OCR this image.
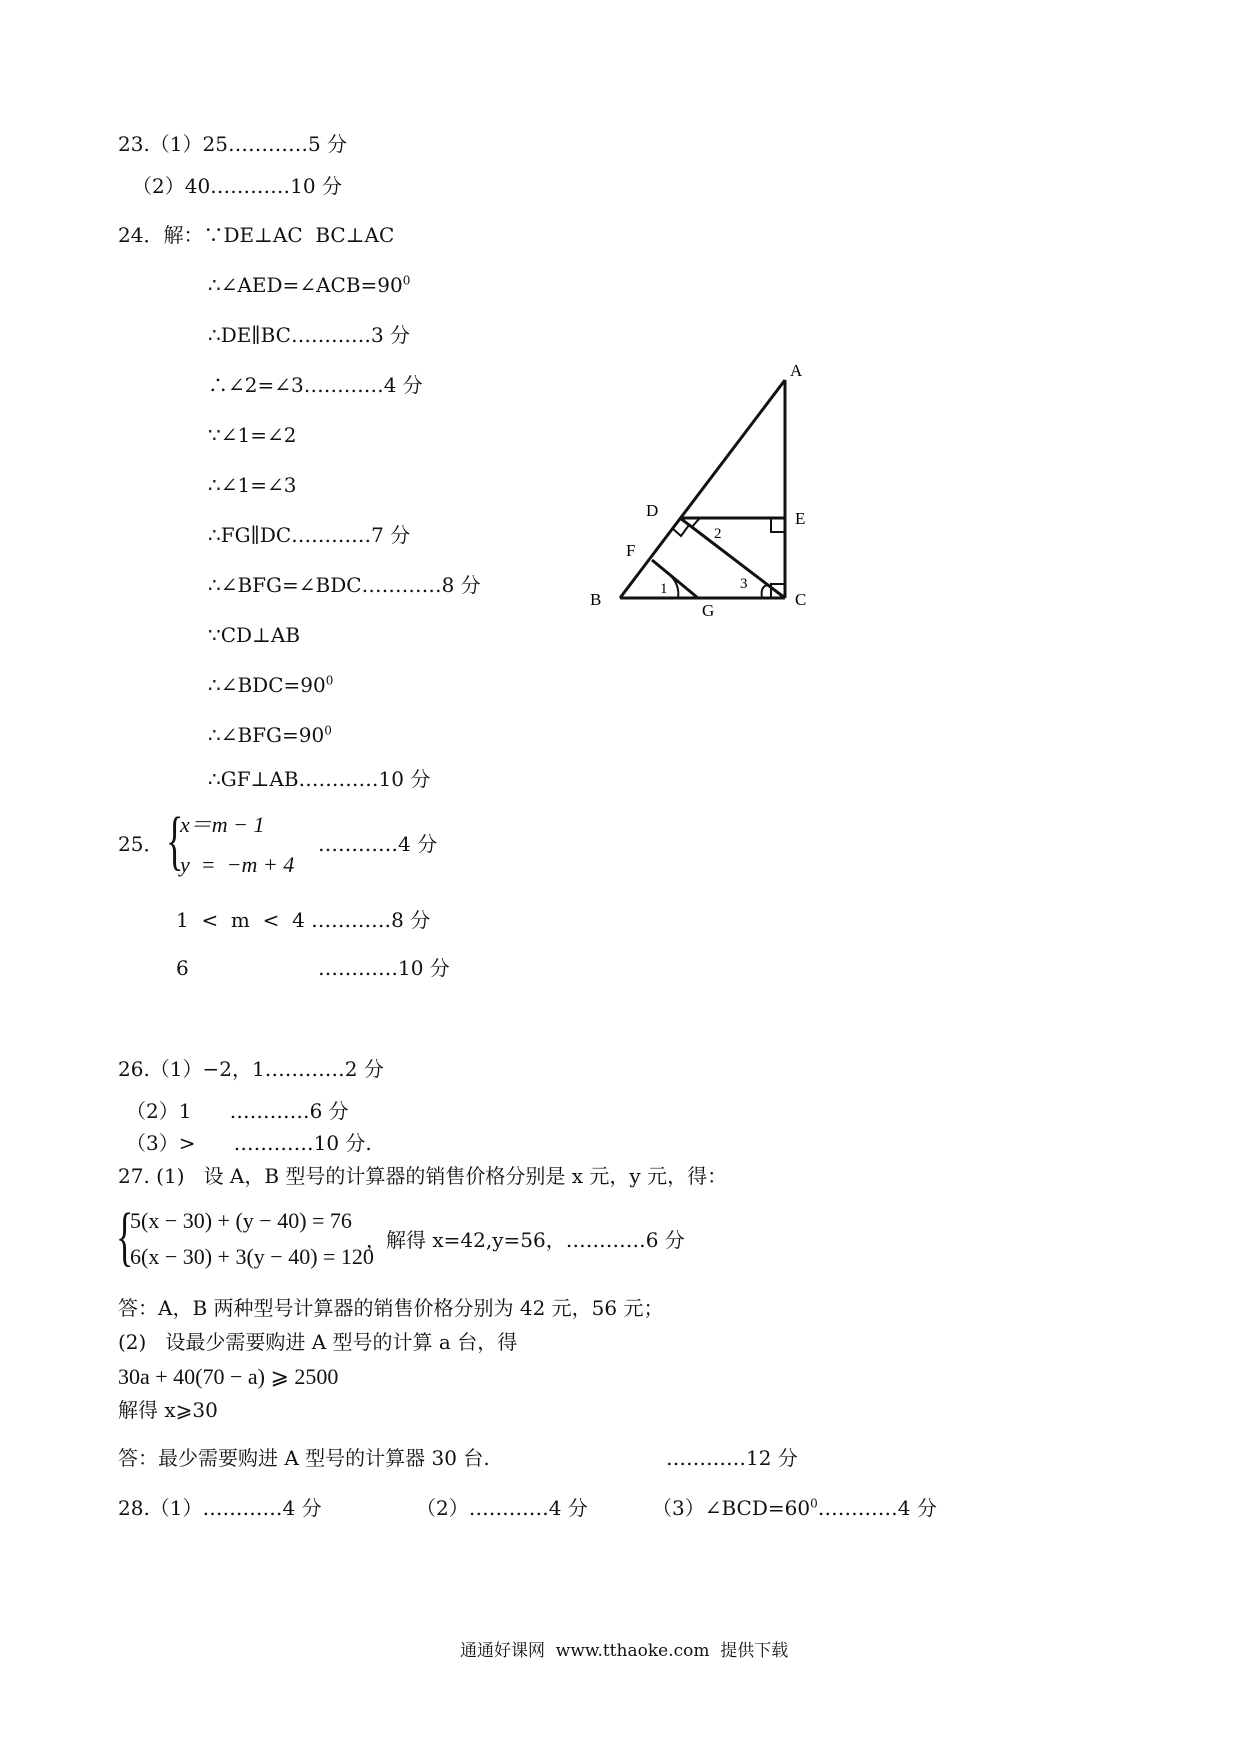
23.（1）25…………5 分
（2）40…………10 分
24．解：∵DE⊥AC  BC⊥AC
$\therefore\angle AED=\angle ACB=90^0$
∴DE∥BC…………3 分
∴∠2=∠3…………4 分
∵∠1=∠2
∴∠1=∠3
∴FG∥DC…………7 分
∴∠BFG=∠BDC…………8 分
∵CD⊥AB
$\therefore\angle BDC=90^0$
$\therefore\angle BFG=90^0$
∴GF⊥AB…………10 分
A
D	E
F
B
G
C
1
2
3
25． {
x＝m − 1
y  =  −m + 4
…………4 分
1  <  m  <  4 …………8 分
6	…………10 分
26.（1）−2，1…………2 分
（2）1      …………6 分
（3）>      …………10 分.
27. (1)   设 A，B 型号的计算器的销售价格分别是 x 元，y 元，得：
{
5(x − 30) + (y − 40) = 76
6(x − 30) + 3(y − 40) = 120
，解得 x=42,y=56，…………6 分
答：A，B 两种型号计算器的销售价格分别为 42 元，56 元；
(2)   设最少需要购进 A 型号的计算 a 台，得
30a + 40(70 − a) ⩾ 2500
解得 x⩾30
答：最少需要购进 A 型号的计算器 30 台.	…………12 分
28.（1）…………4 分	（2）…………4 分	$(3)\angle BCD=60^0\dots\dots\dots\dots 4$ 分
通通好课网  www.tthaoke.com  提供下载
